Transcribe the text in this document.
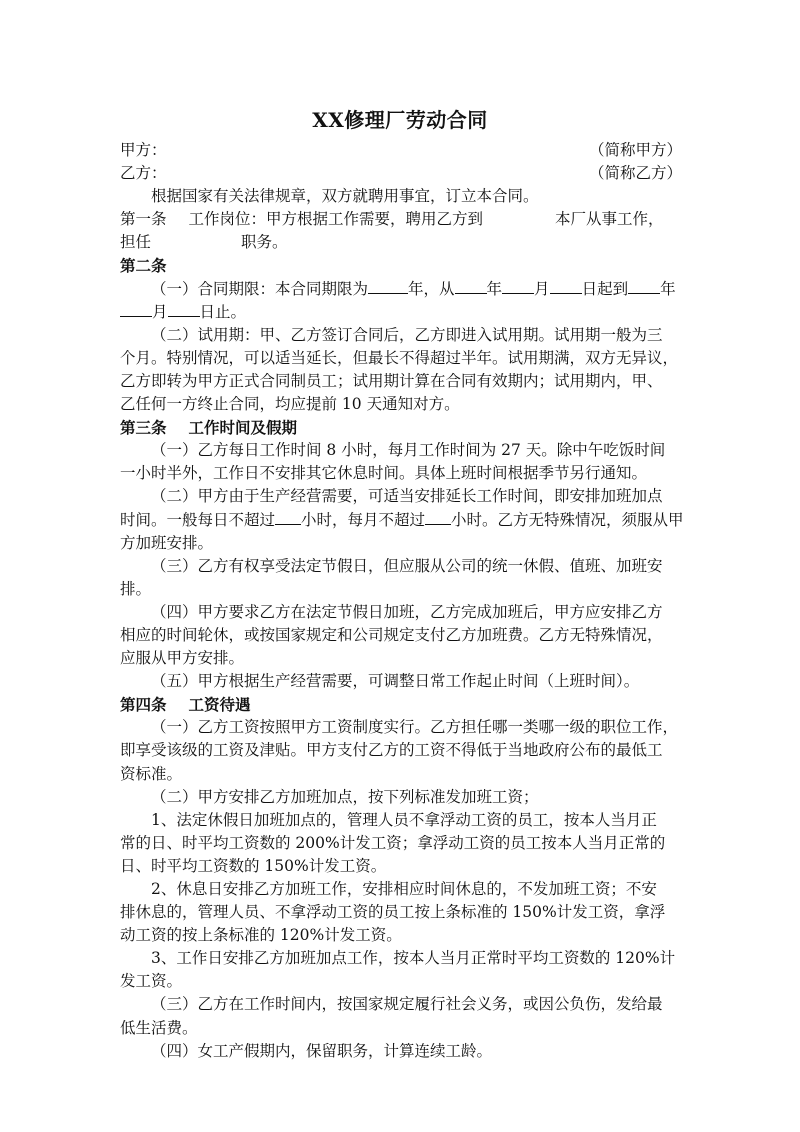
XX修理厂劳动合同
甲方：	（简称甲方）
乙方：	（简称乙方）
根据国家有关法律规章，双方就聘用事宜，订立本合同。
第一条 工作岗位：甲方根据工作需要，聘用乙方到	本厂从事工作，
担任	职务。
第二条
（一）合同期限：本合同期限为	年，从 年 月 日起到 年
月 日止。
（二）试用期：甲、乙方签订合同后，乙方即进入试用期。试用期一般为三
个月。特别情况，可以适当延长，但最长不得超过半年。试用期满，双方无异议，
乙方即转为甲方正式合同制员工；试用期计算在合同有效期内；试用期内，甲、
乙任何一方终止合同，均应提前 10 天通知对方。
第三条 工作时间及假期
（一）乙方每日工作时间 8 小时，每月工作时间为 27 天。除中午吃饭时间
一小时半外，工作日不安排其它休息时间。具体上班时间根据季节另行通知。
（二）甲方由于生产经营需要，可适当安排延长工作时间，即安排加班加点
时间。一般每日不超过 小时，每月不超过 小时。乙方无特殊情况，须服从甲
方加班安排。
（三）乙方有权享受法定节假日，但应服从公司的统一休假、值班、加班安
排。
（四）甲方要求乙方在法定节假日加班，乙方完成加班后，甲方应安排乙方
相应的时间轮休，或按国家规定和公司规定支付乙方加班费。乙方无特殊情况，
应服从甲方安排。
（五）甲方根据生产经营需要，可调整日常工作起止时间（上班时间）。
第四条 工资待遇
（一）乙方工资按照甲方工资制度实行。乙方担任哪一类哪一级的职位工作，
即享受该级的工资及津贴。甲方支付乙方的工资不得低于当地政府公布的最低工
资标准。
（二）甲方安排乙方加班加点，按下列标准发加班工资；
1、法定休假日加班加点的，管理人员不拿浮动工资的员工，按本人当月正
常的日、时平均工资数的 200%计发工资；拿浮动工资的员工按本人当月正常的
日、时平均工资数的 150%计发工资。
2、休息日安排乙方加班工作，安排相应时间休息的，不发加班工资；不安
排休息的，管理人员、不拿浮动工资的员工按上条标准的 150%计发工资，拿浮
动工资的按上条标准的 120%计发工资。
3、工作日安排乙方加班加点工作，按本人当月正常时平均工资数的 120%计
发工资。
（三）乙方在工作时间内，按国家规定履行社会义务，或因公负伤，发给最
低生活费。
（四）女工产假期内，保留职务，计算连续工龄。
